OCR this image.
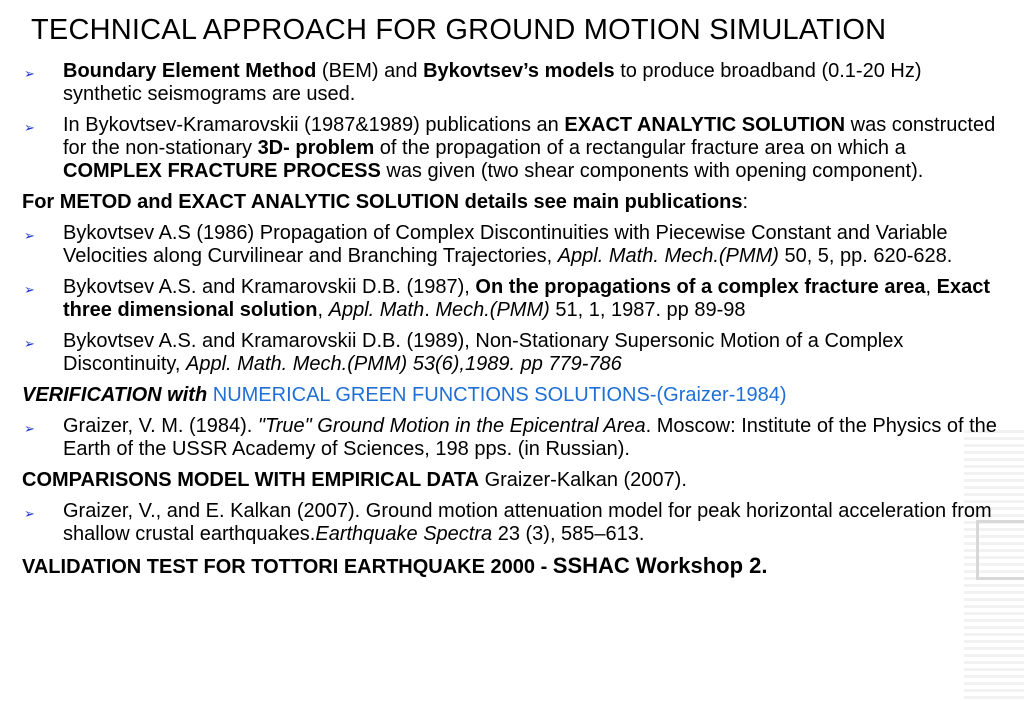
TECHNICAL APPROACH FOR GROUND MOTION SIMULATION
➢ Boundary Element Method (BEM) and Bykovtsev’s models to produce broadband (0.1-20 Hz) synthetic seismograms are used.
➢ In Bykovtsev-Kramarovskii (1987&1989) publications an EXACT ANALYTIC SOLUTION was constructed for the non-stationary 3D- problem of the propagation of a rectangular fracture area on which a COMPLEX FRACTURE PROCESS was given (two shear components with opening component).
For METOD and EXACT ANALYTIC SOLUTION details see main publications:
➢ Bykovtsev A.S (1986) Propagation of Complex Discontinuities with Piecewise Constant and Variable Velocities along Curvilinear and Branching Trajectories, Appl. Math. Mech.(PMM) 50, 5, pp. 620-628.
➢ Bykovtsev A.S. and Kramarovskii D.B. (1987), On the propagations of a complex fracture area, Exact three dimensional solution, Appl. Math. Mech.(PMM) 51, 1, 1987. pp 89-98
➢ Bykovtsev A.S. and Kramarovskii D.B. (1989), Non-Stationary Supersonic Motion of a Complex Discontinuity, Appl. Math. Mech.(PMM) 53(6),1989. pp 779-786
VERIFICATION with NUMERICAL GREEN FUNCTIONS SOLUTIONS-(Graizer-1984)
➢ Graizer, V. M. (1984). "True" Ground Motion in the Epicentral Area. Moscow: Institute of the Physics of the Earth of the USSR Academy of Sciences, 198 pps. (in Russian).
COMPARISONS MODEL WITH EMPIRICAL DATA Graizer-Kalkan (2007).
➢ Graizer, V., and E. Kalkan (2007). Ground motion attenuation model for peak horizontal acceleration from shallow crustal earthquakes.Earthquake Spectra 23 (3), 585–613.
VALIDATION TEST FOR TOTTORI EARTHQUAKE 2000 - SSHAC Workshop 2.
